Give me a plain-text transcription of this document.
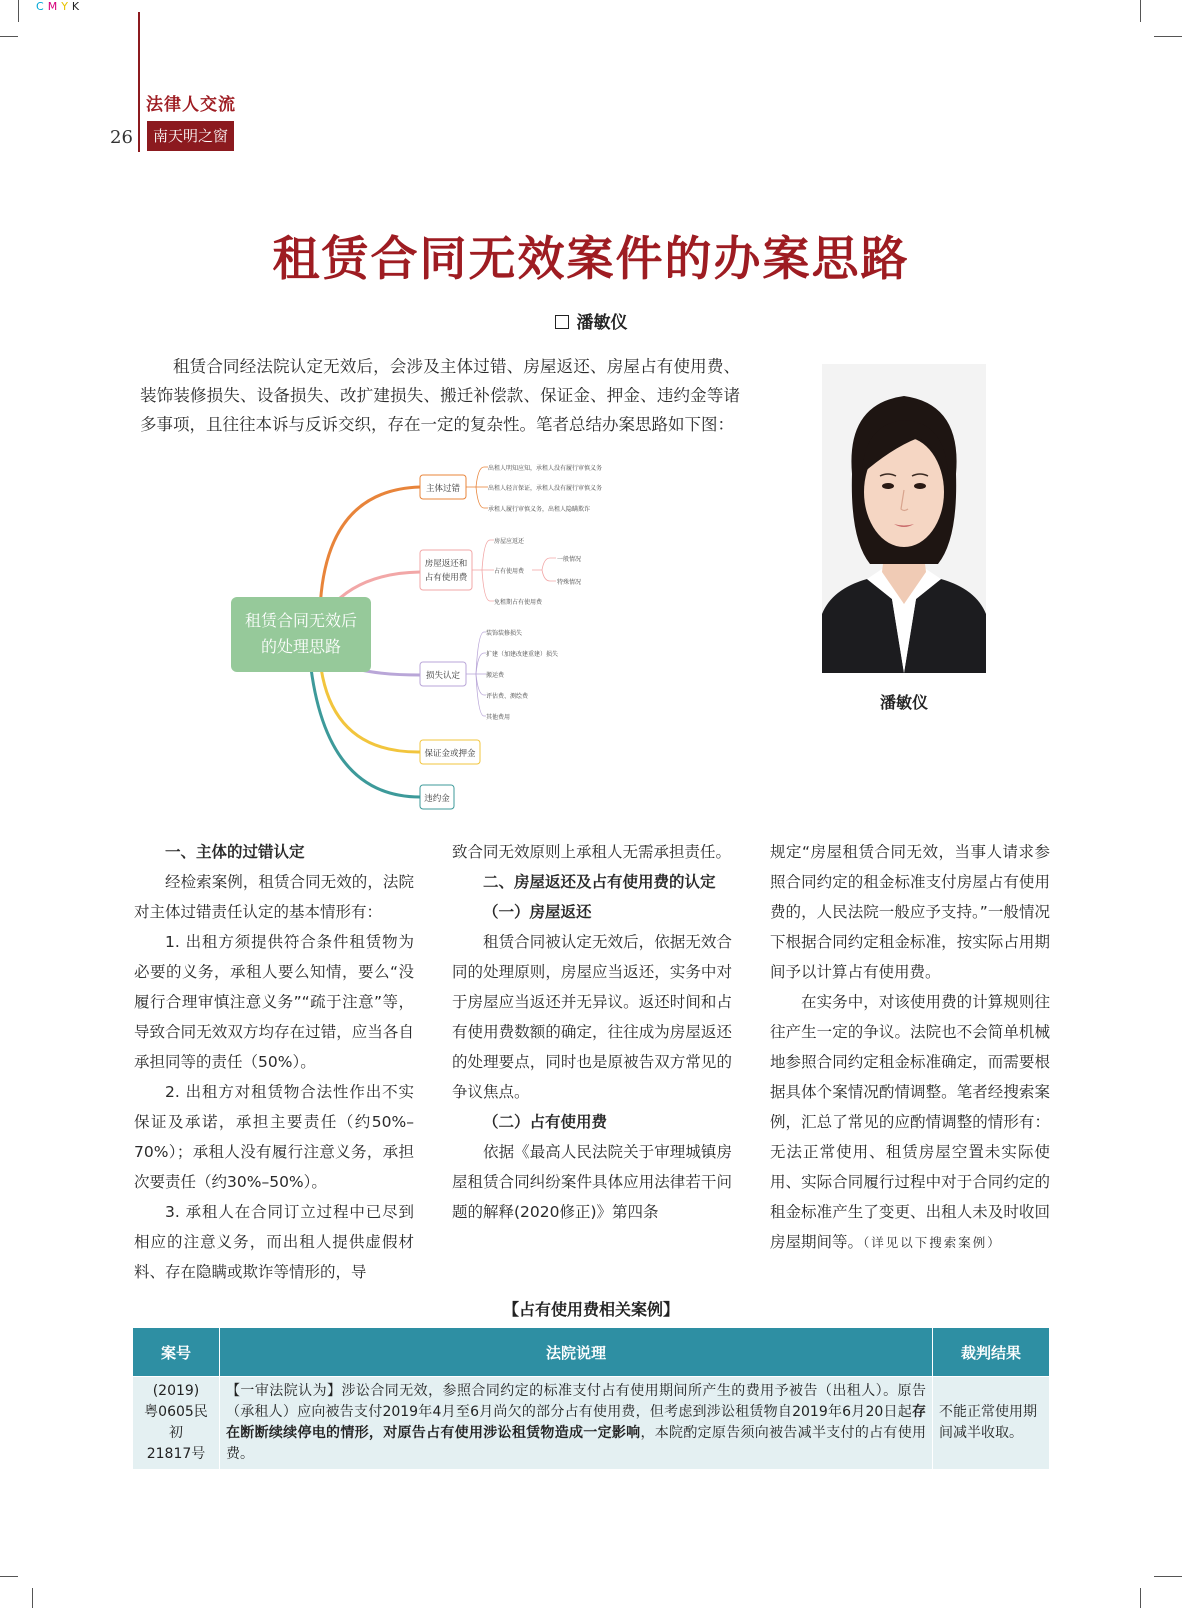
CMYK
法律人交流
26	南天明之窗
租赁合同无效案件的办案思路
潘敏仪

租赁合同经法院认定无效后，会涉及主体过错、房屋返还、房屋占有使用费、装饰装修损失、设备损失、改扩建损失、搬迁补偿款、保证金、押金、违约金等诸多事项，且往往本诉与反诉交织，存在一定的复杂性。笔者总结办案思路如下图：

潘敏仪
租赁合同无效后
的处理思路
主体过错
房屋返还和
占有使用费
损失认定
保证金或押金
违约金
出租人明知应知，承租人没有履行审慎义务
出租人轻言保证，承租人没有履行审慎义务
承租人履行审慎义务，出租人隐瞒欺诈
房屋应返还
占有使用费
免租期占有使用费
一般情况
特殊情况
装饰装修损失
扩建（加建改建重建）损失
搬运费
评估费、测绘费
其他费用

一、主体的过错认定

经检索案例，租赁合同无效的，法院对主体过错责任认定的基本情形有：

1. 出租方须提供符合条件租赁物为必要的义务，承租人要么知情，要么“没履行合理审慎注意义务”“疏于注意”等，导致合同无效双方均存在过错，应当各自承担同等的责任（50%）。

2. 出租方对租赁物合法性作出不实保证及承诺，承担主要责任（约50%–70%）；承租人没有履行注意义务，承担次要责任（约30%–50%）。

3. 承租人在合同订立过程中已尽到相应的注意义务，而出租人提供虚假材料、存在隐瞒或欺诈等情形的，导

致合同无效原则上承租人无需承担责任。

二、房屋返还及占有使用费的认定

（一）房屋返还

租赁合同被认定无效后，依据无效合同的处理原则，房屋应当返还，实务中对于房屋应当返还并无异议。返还时间和占有使用费数额的确定，往往成为房屋返还的处理要点，同时也是原被告双方常见的争议焦点。

（二）占有使用费

依据《最高人民法院关于审理城镇房屋租赁合同纠纷案件具体应用法律若干问题的解释(2020修正)》第四条

规定“房屋租赁合同无效，当事人请求参照合同约定的租金标准支付房屋占有使用费的，人民法院一般应予支持。”一般情况下根据合同约定租金标准，按实际占用期间予以计算占有使用费。

在实务中，对该使用费的计算规则往往产生一定的争议。法院也不会简单机械地参照合同约定租金标准确定，而需要根据具体个案情况酌情调整。笔者经搜索案例，汇总了常见的应酌情调整的情形有：无法正常使用、租赁房屋空置未实际使用、实际合同履行过程中对于合同约定的租金标准产生了变更、出租人未及时收回房屋期间等。（详见以下搜索案例）

【占有使用费相关案例】
案号	法院说理	裁判结果
(2019)
粤0605民初
21817号	【一审法院认为】涉讼合同无效，参照合同约定的标准支付占有使用期间所产生的费用予被告（出租人）。原告（承租人）应向被告支付2019年4月至6月尚欠的部分占有使用费，但考虑到涉讼租赁物自2019年6月20日起存在断断续续停电的情形，对原告占有使用涉讼租赁物造成一定影响，本院酌定原告须向被告减半支付的占有使用费。	不能正常使用期间减半收取。
